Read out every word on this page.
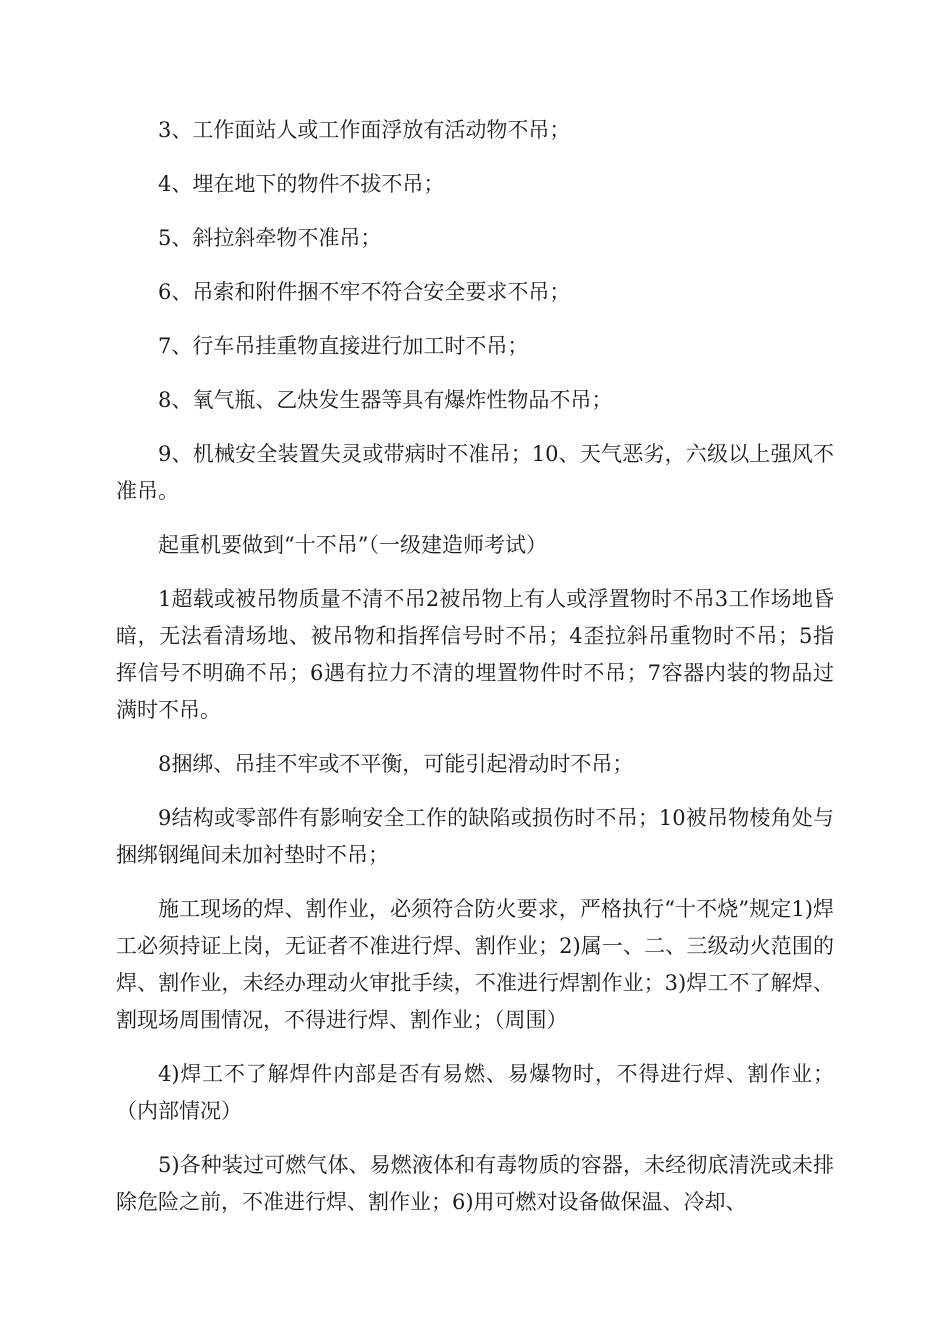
3、工作面站人或工作面浮放有活动物不吊；

4、埋在地下的物件不拔不吊；

5、斜拉斜牵物不准吊；

6、吊索和附件捆不牢不符合安全要求不吊；

7、行车吊挂重物直接进行加工时不吊；

8、氧气瓶、乙炔发生器等具有爆炸性物品不吊；

9、机械安全装置失灵或带病时不准吊；10、天气恶劣，六级以上强风不准吊。

起重机要做到“十不吊”（一级建造师考试）

1超载或被吊物质量不清不吊2被吊物上有人或浮置物时不吊3工作场地昏暗，无法看清场地、被吊物和指挥信号时不吊；4歪拉斜吊重物时不吊；5指挥信号不明确不吊；6遇有拉力不清的埋置物件时不吊；7容器内装的物品过满时不吊。

8捆绑、吊挂不牢或不平衡，可能引起滑动时不吊；

9结构或零部件有影响安全工作的缺陷或损伤时不吊；10被吊物棱角处与捆绑钢绳间未加衬垫时不吊；

施工现场的焊、割作业，必须符合防火要求，严格执行“十不烧”规定1)焊工必须持证上岗，无证者不准进行焊、割作业；2)属一、二、三级动火范围的焊、割作业，未经办理动火审批手续，不准进行焊割作业；3)焊工不了解焊、割现场周围情况，不得进行焊、割作业；（周围）

4)焊工不了解焊件内部是否有易燃、易爆物时，不得进行焊、割作业；（内部情况）

5)各种装过可燃气体、易燃液体和有毒物质的容器，未经彻底清洗或未排除危险之前，不准进行焊、割作业；6)用可燃对设备做保温、冷却、
